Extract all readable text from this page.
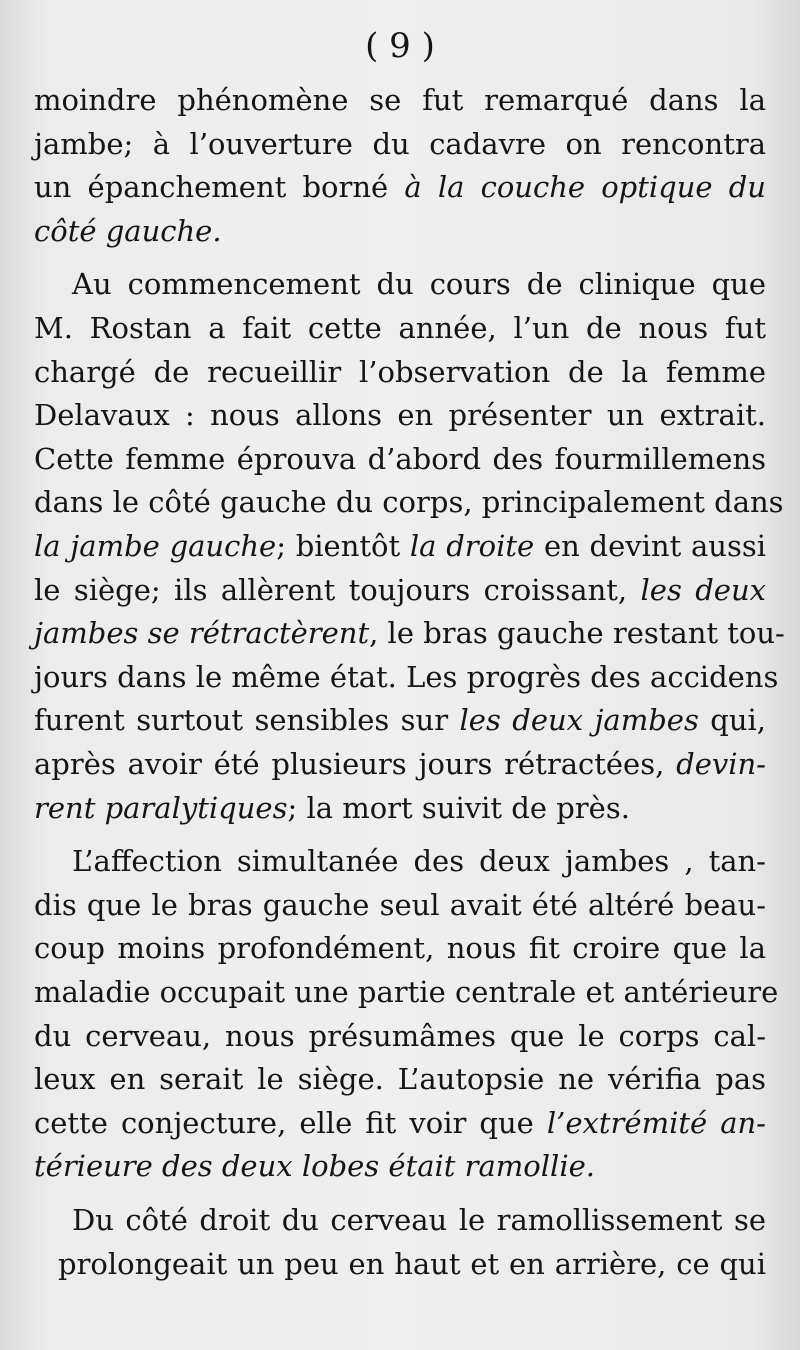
( 9 )
moindre phénomène se fut remarqué dans la
jambe; à l’ouverture du cadavre on rencontra
un épanchement borné à la couche optique du
côté gauche.
Au commencement du cours de clinique que
M. Rostan a fait cette année, l’un de nous fut
chargé de recueillir l’observation de la femme
Delavaux : nous allons en présenter un extrait.
Cette femme éprouva d’abord des fourmillemens
dans le côté gauche du corps, principalement dans
la jambe gauche; bientôt la droite en devint aussi
le siège; ils allèrent toujours croissant, les deux
jambes se rétractèrent, le bras gauche restant tou-
jours dans le même état. Les progrès des accidens
furent surtout sensibles sur les deux jambes qui,
après avoir été plusieurs jours rétractées, devin-
rent paralytiques; la mort suivit de près.
L’affection simultanée des deux jambes , tan-
dis que le bras gauche seul avait été altéré beau-
coup moins profondément, nous fit croire que la
maladie occupait une partie centrale et antérieure
du cerveau, nous présumâmes que le corps cal-
leux en serait le siège. L’autopsie ne vérifia pas
cette conjecture, elle fit voir que l’extrémité an-
térieure des deux lobes était ramollie.
Du côté droit du cerveau le ramollissement se
prolongeait un peu en haut et en arrière, ce qui
